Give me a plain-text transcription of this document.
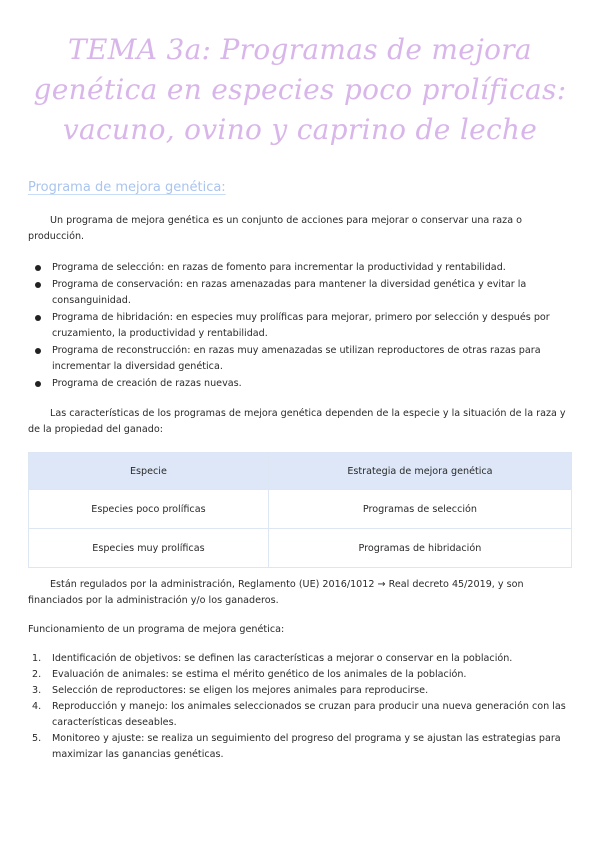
TEMA 3a: Programas de mejora genética en especies poco prolíficas: vacuno, ovino y caprino de leche
Programa de mejora genética:
Un programa de mejora genética es un conjunto de acciones para mejorar o conservar una raza o producción.
Programa de selección: en razas de fomento para incrementar la productividad y rentabilidad.
Programa de conservación: en razas amenazadas para mantener la diversidad genética y evitar la consanguinidad.
Programa de hibridación: en especies muy prolíficas para mejorar, primero por selección y después por cruzamiento, la productividad y rentabilidad.
Programa de reconstrucción: en razas muy amenazadas se utilizan reproductores de otras razas para incrementar la diversidad genética.
Programa de creación de razas nuevas.
Las características de los programas de mejora genética dependen de la especie y la situación de la raza y de la propiedad del ganado:
Especie	Estrategia de mejora genética
Especies poco prolíficas	Programas de selección
Especies muy prolíficas	Programas de hibridación
Están regulados por la administración, Reglamento (UE) 2016/1012 → Real decreto 45/2019, y son financiados por la administración y/o los ganaderos.
Funcionamiento de un programa de mejora genética:
1. Identificación de objetivos: se definen las características a mejorar o conservar en la población.
2. Evaluación de animales: se estima el mérito genético de los animales de la población.
3. Selección de reproductores: se eligen los mejores animales para reproducirse.
4. Reproducción y manejo: los animales seleccionados se cruzan para producir una nueva generación con las características deseables.
5. Monitoreo y ajuste: se realiza un seguimiento del progreso del programa y se ajustan las estrategias para maximizar las ganancias genéticas.
